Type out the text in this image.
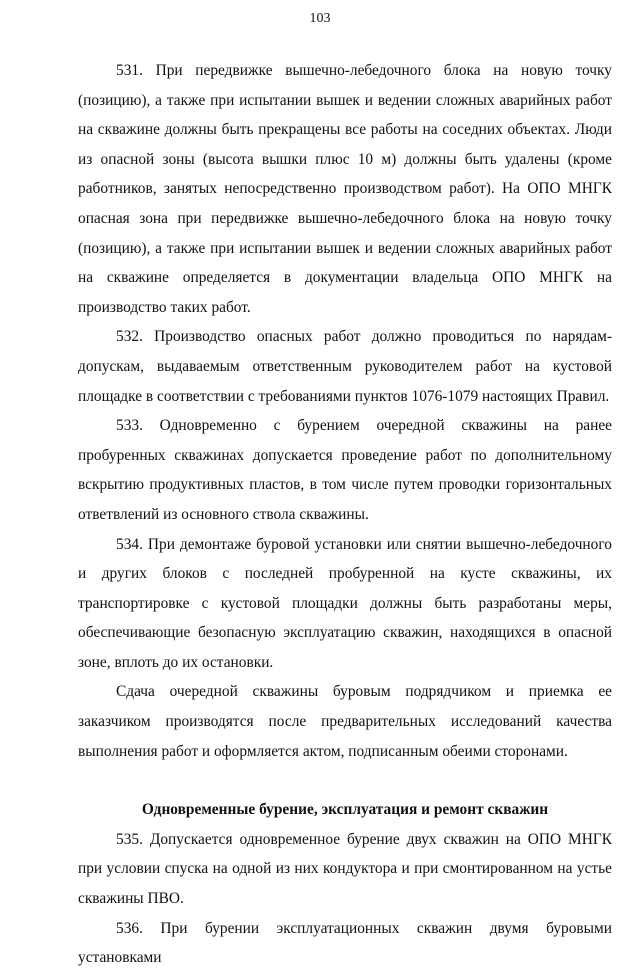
103

531. При передвижке вышечно-лебедочного блока на новую точку (позицию), а также при испытании вышек и ведении сложных аварийных работ на скважине должны быть прекращены все работы на соседних объектах. Люди из опасной зоны (высота вышки плюс 10 м) должны быть удалены (кроме работников, занятых непосредственно производством работ). На ОПО МНГК опасная зона при передвижке вышечно-лебедочного блока на новую точку (позицию), а также при испытании вышек и ведении сложных аварийных работ на скважине определяется в документации владельца ОПО МНГК на производство таких работ.

532. Производство опасных работ должно проводиться по нарядам-допускам, выдаваемым ответственным руководителем работ на кустовой площадке в соответствии с требованиями пунктов 1076-1079 настоящих Правил.

533. Одновременно с бурением очередной скважины на ранее пробуренных скважинах допускается проведение работ по дополнительному вскрытию продуктивных пластов, в том числе путем проводки горизонтальных ответвлений из основного ствола скважины.

534. При демонтаже буровой установки или снятии вышечно-лебедочного и других блоков с последней пробуренной на кусте скважины, их транспортировке с кустовой площадки должны быть разработаны меры, обеспечивающие безопасную эксплуатацию скважин, находящихся в опасной зоне, вплоть до их остановки.

Сдача очередной скважины буровым подрядчиком и приемка ее заказчиком производятся после предварительных исследований качества выполнения работ и оформляется актом, подписанным обеими сторонами.

Одновременные бурение, эксплуатация и ремонт скважин

535. Допускается одновременное бурение двух скважин на ОПО МНГК при условии спуска на одной из них кондуктора и при смонтированном на устье скважины ПВО.

536. При бурении эксплуатационных скважин двумя буровыми установками
